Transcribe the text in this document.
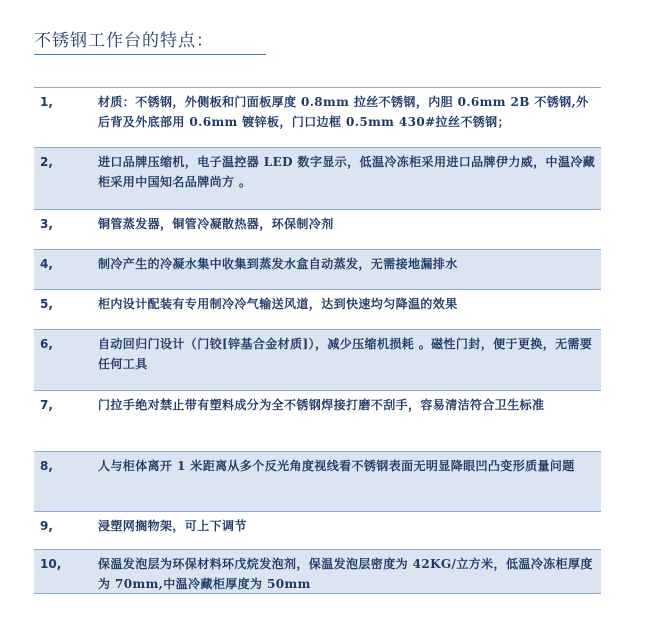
不锈钢工作台的特点：
1,	材质：不锈钢，外侧板和门面板厚度 0.8mm 拉丝不锈钢，内胆 0.6mm 2B 不锈钢,外后背及外底部用 0.6mm 镀锌板，门口边框 0.5mm 430#拉丝不锈钢；
2,	进口品牌压缩机，电子温控器 LED 数字显示，低温冷冻柜采用进口品牌伊力威，中温冷藏柜采用中国知名品牌尚方 。
3,	铜管蒸发器，铜管冷凝散热器，环保制冷剂
4,	制冷产生的冷凝水集中收集到蒸发水盒自动蒸发，无需接地漏排水
5,	柜内设计配装有专用制冷冷气输送风道，达到快速均匀降温的效果
6,	自动回归门设计（门铰[锌基合金材质]），减少压缩机损耗 。磁性门封，便于更换，无需要任何工具
7,	门拉手绝对禁止带有塑料成分为全不锈钢焊接打磨不刮手，容易清洁符合卫生标准
8,	人与柜体离开 1 米距离从多个反光角度视线看不锈钢表面无明显降眼凹凸变形质量问题
9,	浸塑网搁物架，可上下调节
10,	保温发泡层为环保材料环戊烷发泡剂，保温发泡层密度为 42KG/立方米，低温冷冻柜厚度为 70mm,中温冷藏柜厚度为 50mm
